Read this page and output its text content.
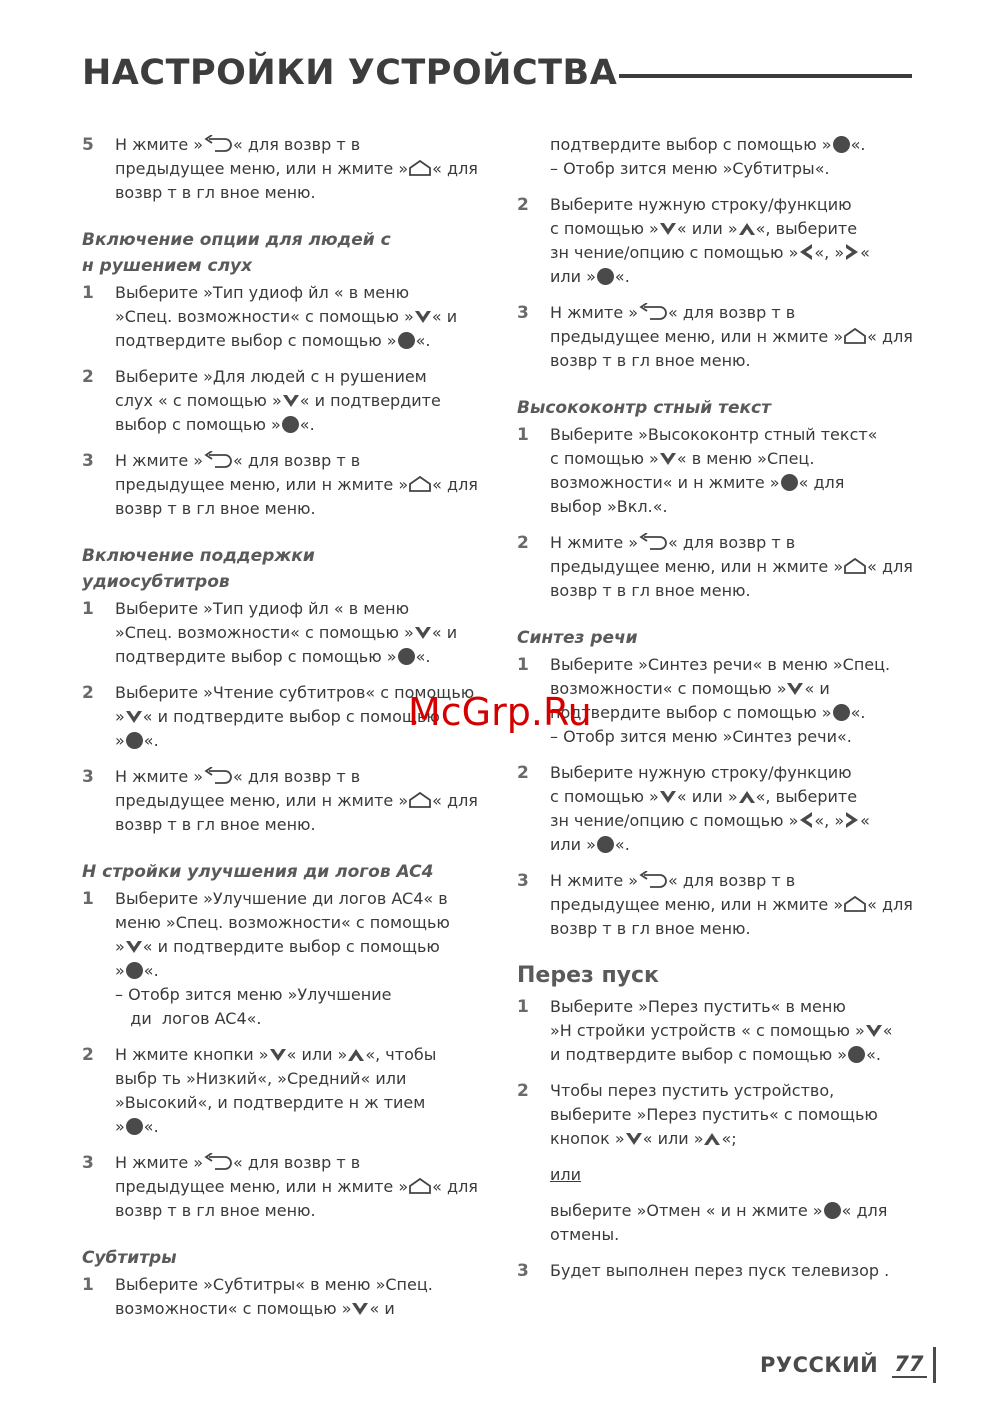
НАСТРОЙКИ УСТРОЙСТВА
5	Н жмите » « для возвр т в
предыдущее меню, или н жмите » « для
возвр т в гл вное меню.
Включение опции для людей с
н рушением слух
1	Выберите »Тип удиоф йл « в меню
»Спец. возможности« с помощью » « и
подтвердите выбор с помощью » «.
2	Выберите »Для людей с н рушением
слух « с помощью » « и подтвердите
выбор с помощью » «.
3	Н жмите » « для возвр т в
предыдущее меню, или н жмите » « для
возвр т в гл вное меню.
Включение поддержки
удиосубтитров
1	Выберите »Тип удиоф йл « в меню
»Спец. возможности« с помощью » « и
подтвердите выбор с помощью » «.
2	Выберите »Чтение субтитров« с помощью
» « и подтвердите выбор с помощью
» «.
3	Н жмите » « для возвр т в
предыдущее меню, или н жмите » « для
возвр т в гл вное меню.
Н стройки улучшения ди логов AC4
1	Выберите »Улучшение ди логов AC4« в
меню »Спец. возможности« с помощью
» « и подтвердите выбор с помощью
» «.
– Отобр зится меню »Улучшение
ди  логов AC4«.
2	Н жмите кнопки » « или » «, чтобы
выбр ть »Низкий«, »Средний« или
»Высокий«, и подтвердите н ж тием
» «.
3	Н жмите » « для возвр т в
предыдущее меню, или н жмите » « для
возвр т в гл вное меню.
Субтитры
1	Выберите »Субтитры« в меню »Спец.
возможности« с помощью » « и
подтвердите выбор с помощью » «.
– Отобр зится меню »Субтитры«.
2	Выберите нужную строку/функцию
с помощью » « или » «, выберите
зн чение/опцию с помощью » «, » «
или » «.
3	Н жмите » « для возвр т в
предыдущее меню, или н жмите » « для
возвр т в гл вное меню.
Высококонтр стный текст
1	Выберите »Высококонтр стный текст«
с помощью » « в меню »Спец.
возможности« и н жмите » « для
выбор »Вкл.«.
2	Н жмите » « для возвр т в
предыдущее меню, или н жмите » « для
возвр т в гл вное меню.
Синтез речи
1	Выберите »Синтез речи« в меню »Спец.
возможности« с помощью » « и
подтвердите выбор с помощью » «.
– Отобр зится меню »Синтез речи«.
2	Выберите нужную строку/функцию
с помощью » « или » «, выберите
зн чение/опцию с помощью » «, » «
или » «.
3	Н жмите » « для возвр т в
предыдущее меню, или н жмите » « для
возвр т в гл вное меню.
Перез пуск
1	Выберите »Перез пустить« в меню
»Н стройки устройств « с помощью » «
и подтвердите выбор с помощью » «.
2	Чтобы перез пустить устройство,
выберите »Перез пустить« с помощью
кнопок » « или » «;
или
выберите »Отмен « и н жмите » « для
отмены.
3	Будет выполнен перез пуск телевизор .
McGrp.Ru
РУССКИЙ 77
